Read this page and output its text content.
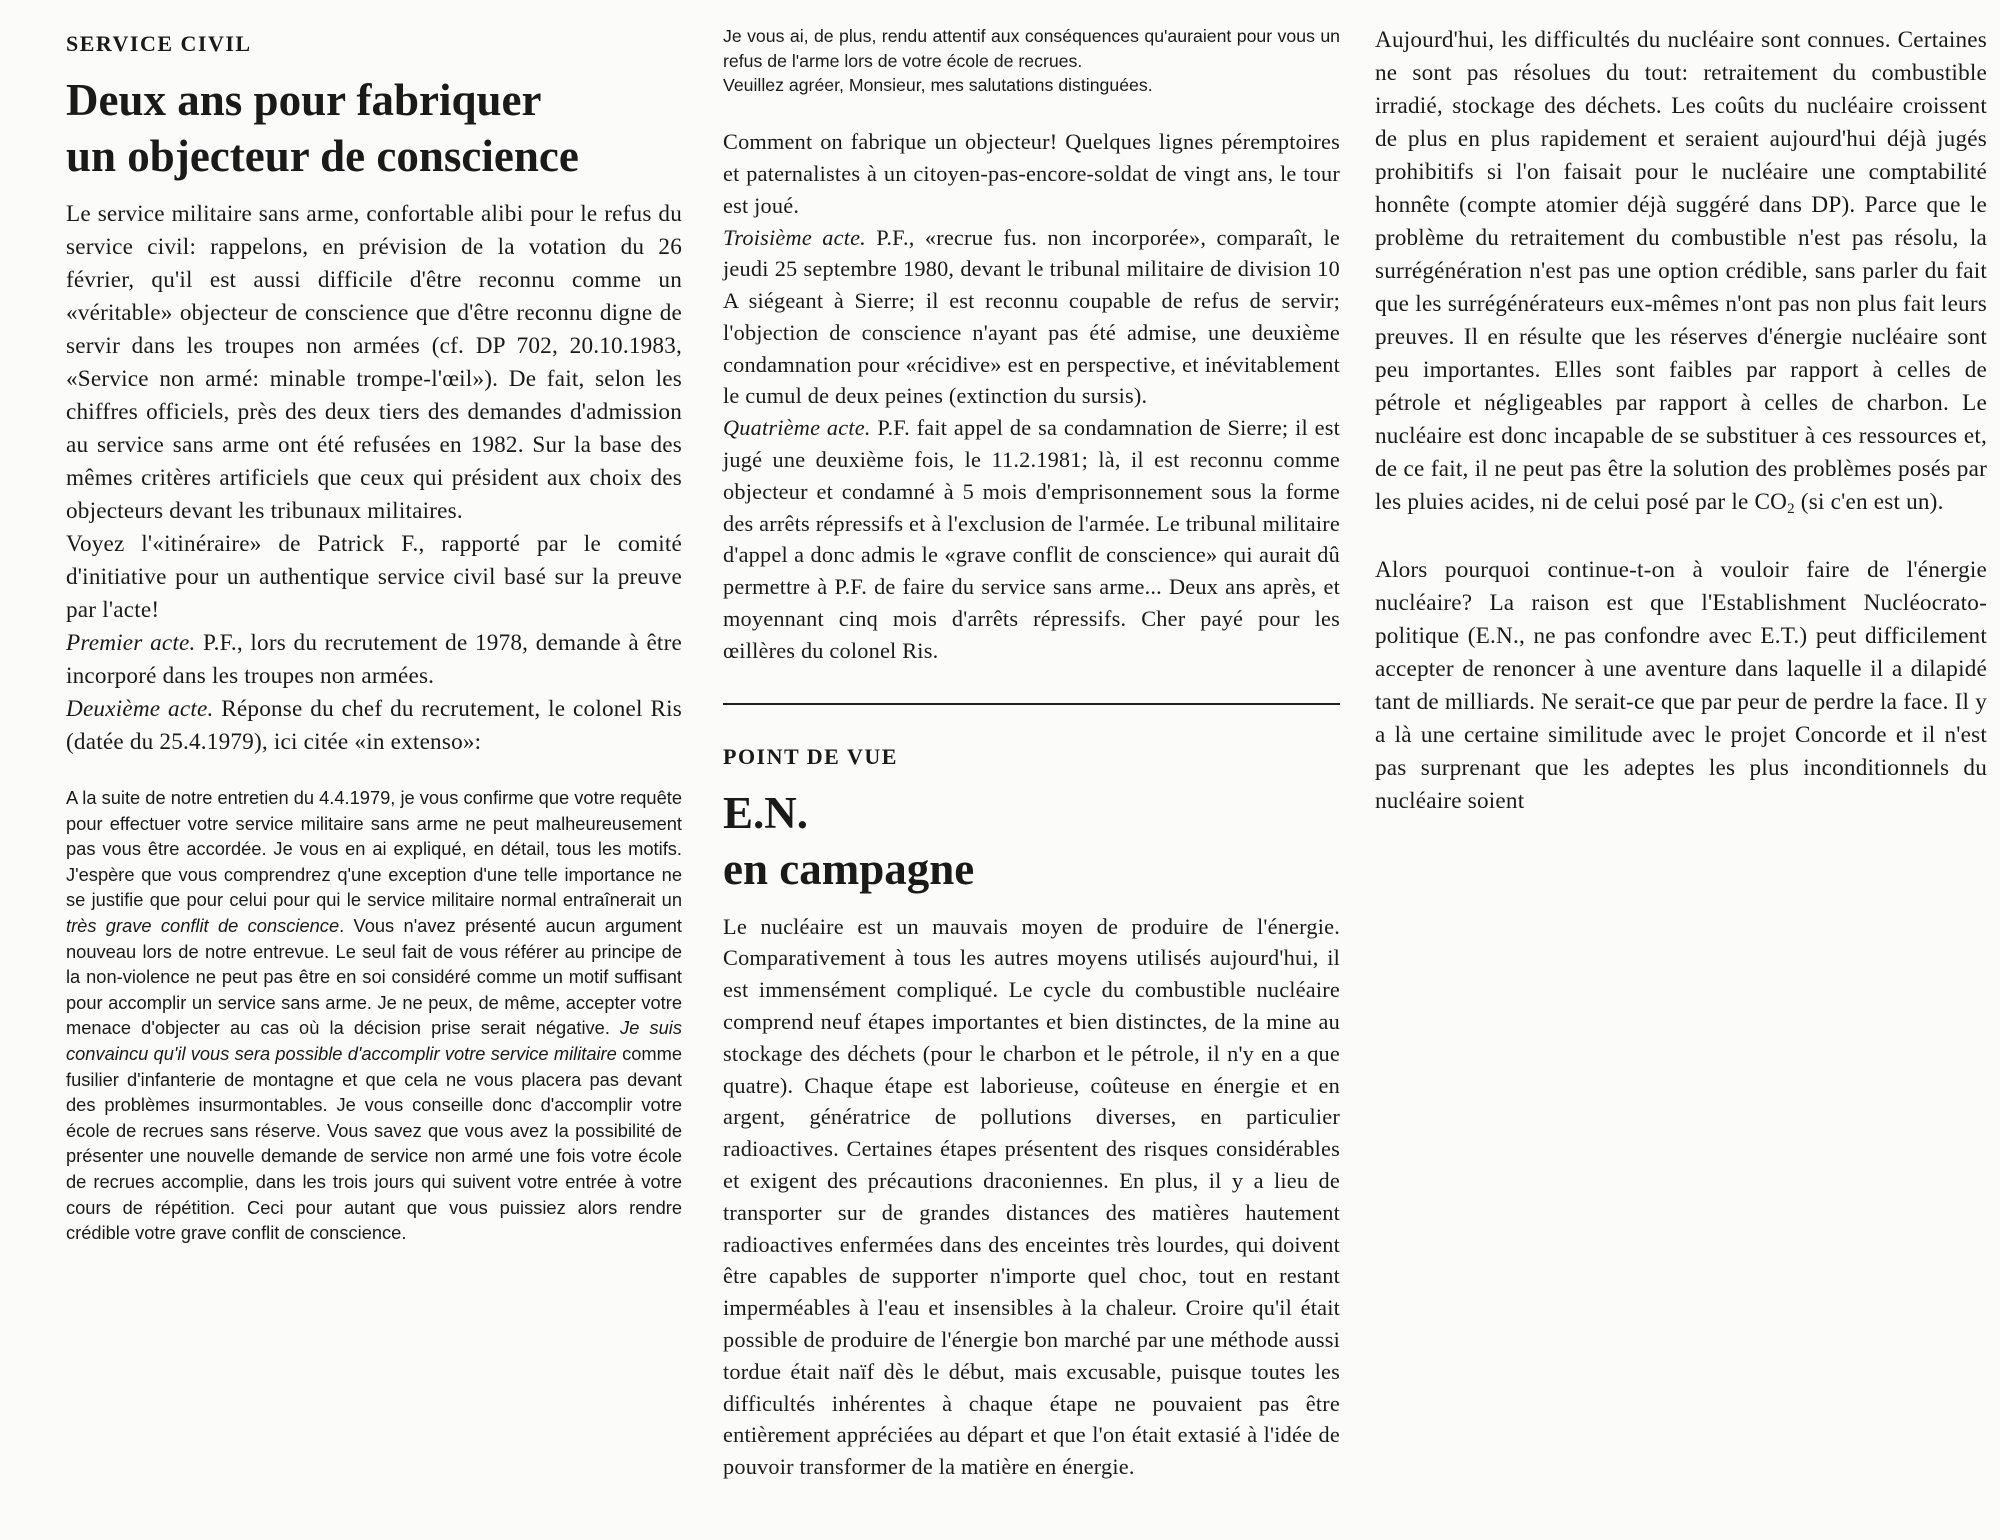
SERVICE CIVIL
Deux ans pour fabriquer
un objecteur de conscience

Le service militaire sans arme, confortable alibi pour le refus du service civil: rappelons, en prévision de la votation du 26 février, qu'il est aussi difficile d'être reconnu comme un «véritable» objecteur de conscience que d'être reconnu digne de servir dans les troupes non armées (cf. DP 702, 20.10.1983, «Service non armé: minable trompe-l'œil»). De fait, selon les chiffres officiels, près des deux tiers des demandes d'admission au service sans arme ont été refusées en 1982. Sur la base des mêmes critères artificiels que ceux qui président aux choix des objecteurs devant les tribunaux militaires.

Voyez l'«itinéraire» de Patrick F., rapporté par le comité d'initiative pour un authentique service civil basé sur la preuve par l'acte!

Premier acte. P.F., lors du recrutement de 1978, demande à être incorporé dans les troupes non armées.

Deuxième acte. Réponse du chef du recrutement, le colonel Ris (datée du 25.4.1979), ici citée «in extenso»:

A la suite de notre entretien du 4.4.1979, je vous confirme que votre requête pour effectuer votre service militaire sans arme ne peut malheureusement pas vous être accordée. Je vous en ai expliqué, en détail, tous les motifs. J'espère que vous comprendrez q'une exception d'une telle importance ne se justifie que pour celui pour qui le service militaire normal entraînerait un très grave conflit de conscience. Vous n'avez présenté aucun argument nouveau lors de notre entrevue. Le seul fait de vous référer au principe de la non-violence ne peut pas être en soi considéré comme un motif suffisant pour accomplir un service sans arme. Je ne peux, de même, accepter votre menace d'objecter au cas où la décision prise serait négative. Je suis convaincu qu'il vous sera possible d'accomplir votre service militaire comme fusilier d'infanterie de montagne et que cela ne vous placera pas devant des problèmes insurmontables. Je vous conseille donc d'accomplir votre école de recrues sans réserve. Vous savez que vous avez la possibilité de présenter une nouvelle demande de service non armé une fois votre école de recrues accomplie, dans les trois jours qui suivent votre entrée à votre cours de répétition. Ceci pour autant que vous puissiez alors rendre crédible votre grave conflit de conscience.

Je vous ai, de plus, rendu attentif aux conséquences qu'auraient pour vous un refus de l'arme lors de votre école de recrues.

Veuillez agréer, Monsieur, mes salutations distinguées.

Comment on fabrique un objecteur! Quelques lignes péremptoires et paternalistes à un citoyen-pas-encore-soldat de vingt ans, le tour est joué.

Troisième acte. P.F., «recrue fus. non incorporée», comparaît, le jeudi 25 septembre 1980, devant le tribunal militaire de division 10 A siégeant à Sierre; il est reconnu coupable de refus de servir; l'objection de conscience n'ayant pas été admise, une deuxième condamnation pour «récidive» est en perspective, et inévitablement le cumul de deux peines (extinction du sursis).

Quatrième acte. P.F. fait appel de sa condamnation de Sierre; il est jugé une deuxième fois, le 11.2.1981; là, il est reconnu comme objecteur et condamné à 5 mois d'emprisonnement sous la forme des arrêts répressifs et à l'exclusion de l'armée. Le tribunal militaire d'appel a donc admis le «grave conflit de conscience» qui aurait dû permettre à P.F. de faire du service sans arme... Deux ans après, et moyennant cinq mois d'arrêts répressifs. Cher payé pour les œillères du colonel Ris.

POINT DE VUE
E.N.
en campagne

Le nucléaire est un mauvais moyen de produire de l'énergie. Comparativement à tous les autres moyens utilisés aujourd'hui, il est immensément compliqué. Le cycle du combustible nucléaire comprend neuf étapes importantes et bien distinctes, de la mine au stockage des déchets (pour le charbon et le pétrole, il n'y en a que quatre). Chaque étape est laborieuse, coûteuse en énergie et en argent, génératrice de pollutions diverses, en particulier radioactives. Certaines étapes présentent des risques considérables et exigent des précautions draconiennes. En plus, il y a lieu de transporter sur de grandes distances des matières hautement radioactives enfermées dans des enceintes très lourdes, qui doivent être capables de supporter n'importe quel choc, tout en restant imperméables à l'eau et insensibles à la chaleur. Croire qu'il était possible de produire de l'énergie bon marché par une méthode aussi tordue était naïf dès le début, mais excusable, puisque toutes les difficultés inhérentes à chaque étape ne pouvaient pas être entièrement appréciées au départ et que l'on était extasié à l'idée de pouvoir transformer de la matière en énergie.

Aujourd'hui, les difficultés du nucléaire sont connues. Certaines ne sont pas résolues du tout: retraitement du combustible irradié, stockage des déchets. Les coûts du nucléaire croissent de plus en plus rapidement et seraient aujourd'hui déjà jugés prohibitifs si l'on faisait pour le nucléaire une comptabilité honnête (compte atomier déjà suggéré dans DP). Parce que le problème du retraitement du combustible n'est pas résolu, la surrégénération n'est pas une option crédible, sans parler du fait que les surrégénérateurs eux-mêmes n'ont pas non plus fait leurs preuves. Il en résulte que les réserves d'énergie nucléaire sont peu importantes. Elles sont faibles par rapport à celles de pétrole et négligeables par rapport à celles de charbon. Le nucléaire est donc incapable de se substituer à ces ressources et, de ce fait, il ne peut pas être la solution des problèmes posés par les pluies acides, ni de celui posé par le $CO_2$ (si c'en est un).

Alors pourquoi continue-t-on à vouloir faire de l'énergie nucléaire? La raison est que l'Establishment Nucléocrato-politique (E.N., ne pas confondre avec E.T.) peut difficilement accepter de renoncer à une aventure dans laquelle il a dilapidé tant de milliards. Ne serait-ce que par peur de perdre la face. Il y a là une certaine similitude avec le projet Concorde et il n'est pas surprenant que les adeptes les plus inconditionnels du nucléaire soient
